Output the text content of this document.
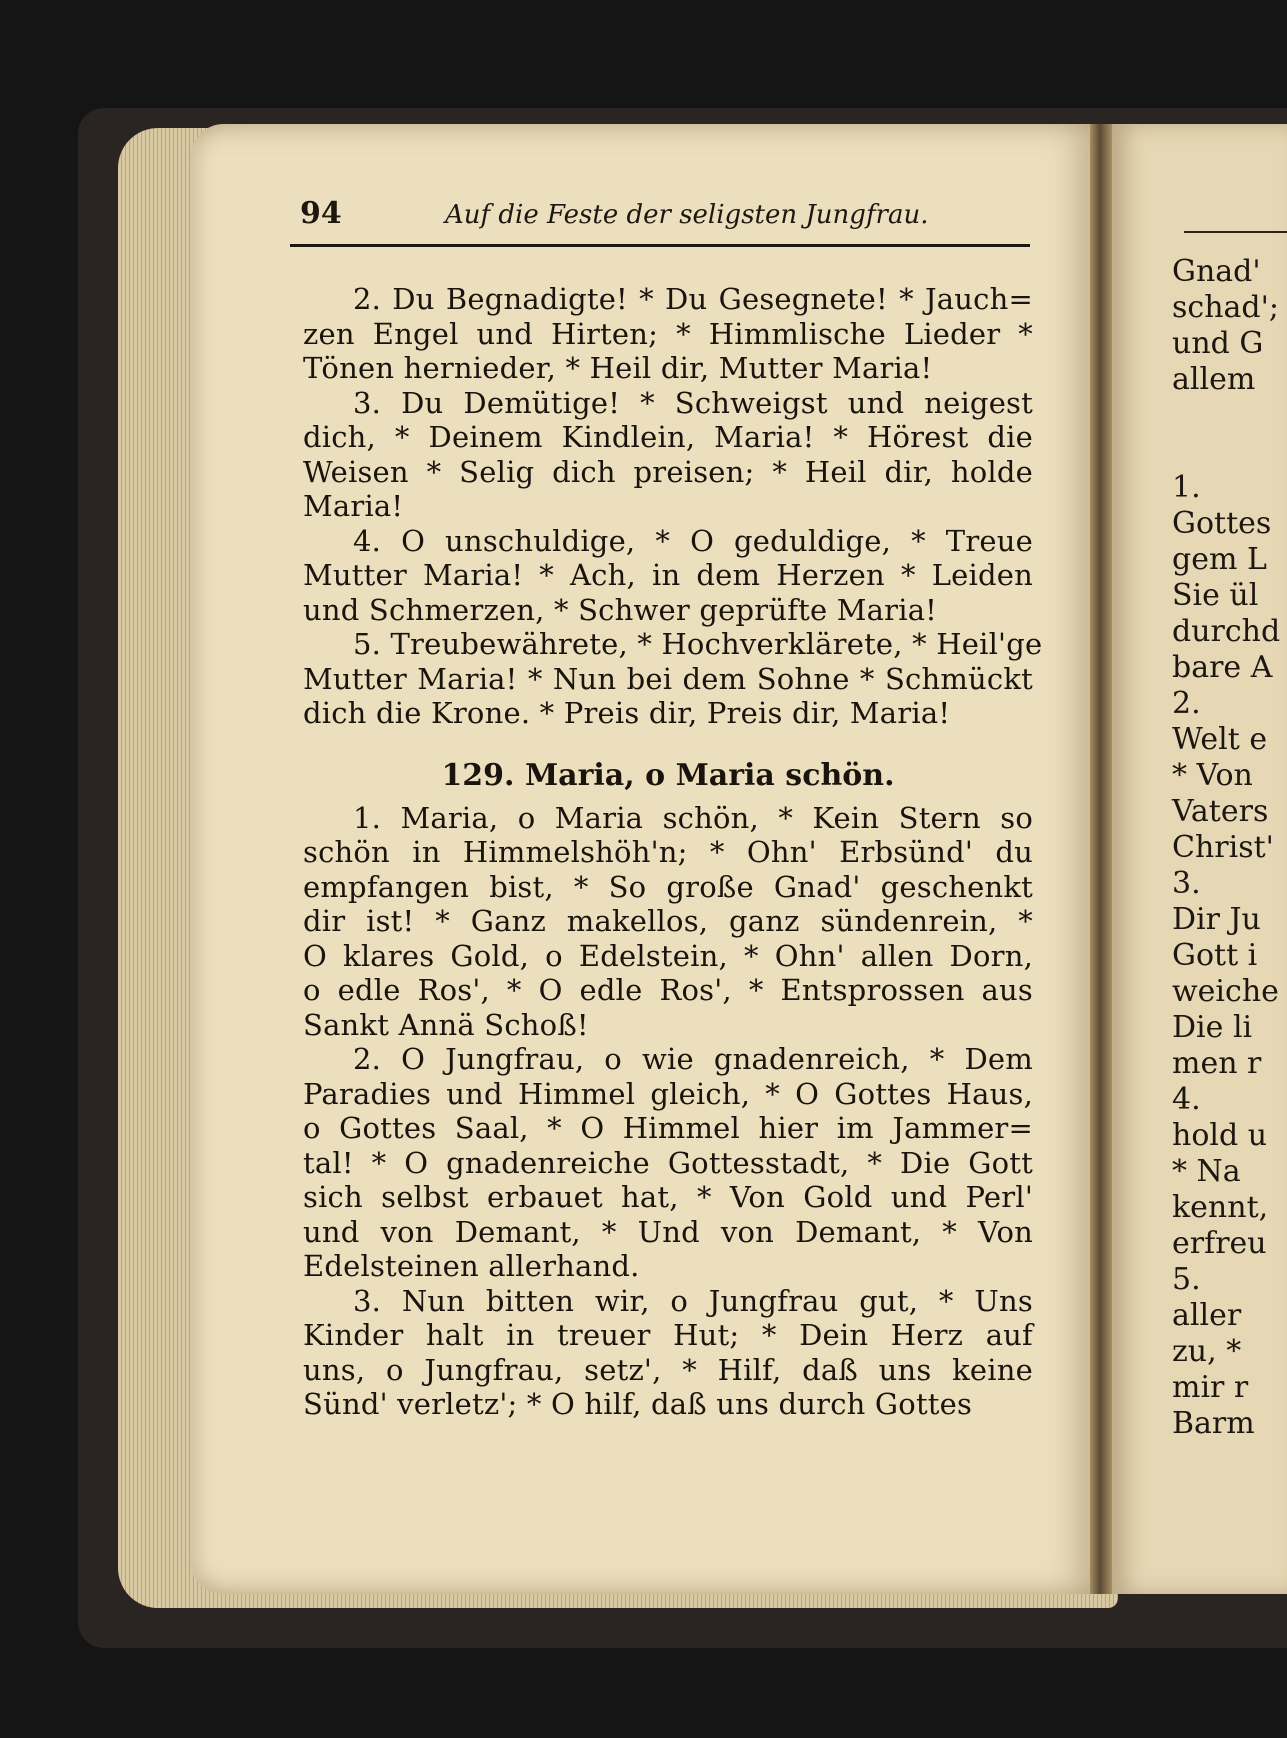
Gnad'
schad';
und G
allem
1.
Gottes
gem L
Sie ül
durchd
bare A
2.
Welt e
* Von
Vaters
Christ'
3.
Dir Ju
Gott i
weiche
Die li
men r
4.
hold u
* Na
kennt,
erfreu
5.
aller
zu, *
mir r
Barm
94	Auf die Feste der seligsten Jungfrau.
2. Du Begnadigte! * Du Gesegnete! * Jauch=
zen Engel und Hirten; * Himmlische Lieder *
Tönen hernieder, * Heil dir, Mutter Maria!
3. Du Demütige! * Schweigst und neigest
dich, * Deinem Kindlein, Maria! * Hörest die
Weisen * Selig dich preisen; * Heil dir, holde
Maria!
4. O unschuldige, * O geduldige, * Treue
Mutter Maria! * Ach, in dem Herzen * Leiden
und Schmerzen, * Schwer geprüfte Maria!
5. Treubewährete, * Hochverklärete, * Heil'ge
Mutter Maria! * Nun bei dem Sohne * Schmückt
dich die Krone. * Preis dir, Preis dir, Maria!
129. Maria, o Maria schön.
1. Maria, o Maria schön, * Kein Stern so
schön in Himmelshöh'n; * Ohn' Erbsünd' du
empfangen bist, * So große Gnad' geschenkt
dir ist! * Ganz makellos, ganz sündenrein, *
O klares Gold, o Edelstein, * Ohn' allen Dorn,
o edle Ros', * O edle Ros', * Entsprossen aus
Sankt Annä Schoß!
2. O Jungfrau, o wie gnadenreich, * Dem
Paradies und Himmel gleich, * O Gottes Haus,
o Gottes Saal, * O Himmel hier im Jammer=
tal! * O gnadenreiche Gottesstadt, * Die Gott
sich selbst erbauet hat, * Von Gold und Perl'
und von Demant, * Und von Demant, * Von
Edelsteinen allerhand.
3. Nun bitten wir, o Jungfrau gut, * Uns
Kinder halt in treuer Hut; * Dein Herz auf
uns, o Jungfrau, setz', * Hilf, daß uns keine
Sünd' verletz'; * O hilf, daß uns durch Gottes
